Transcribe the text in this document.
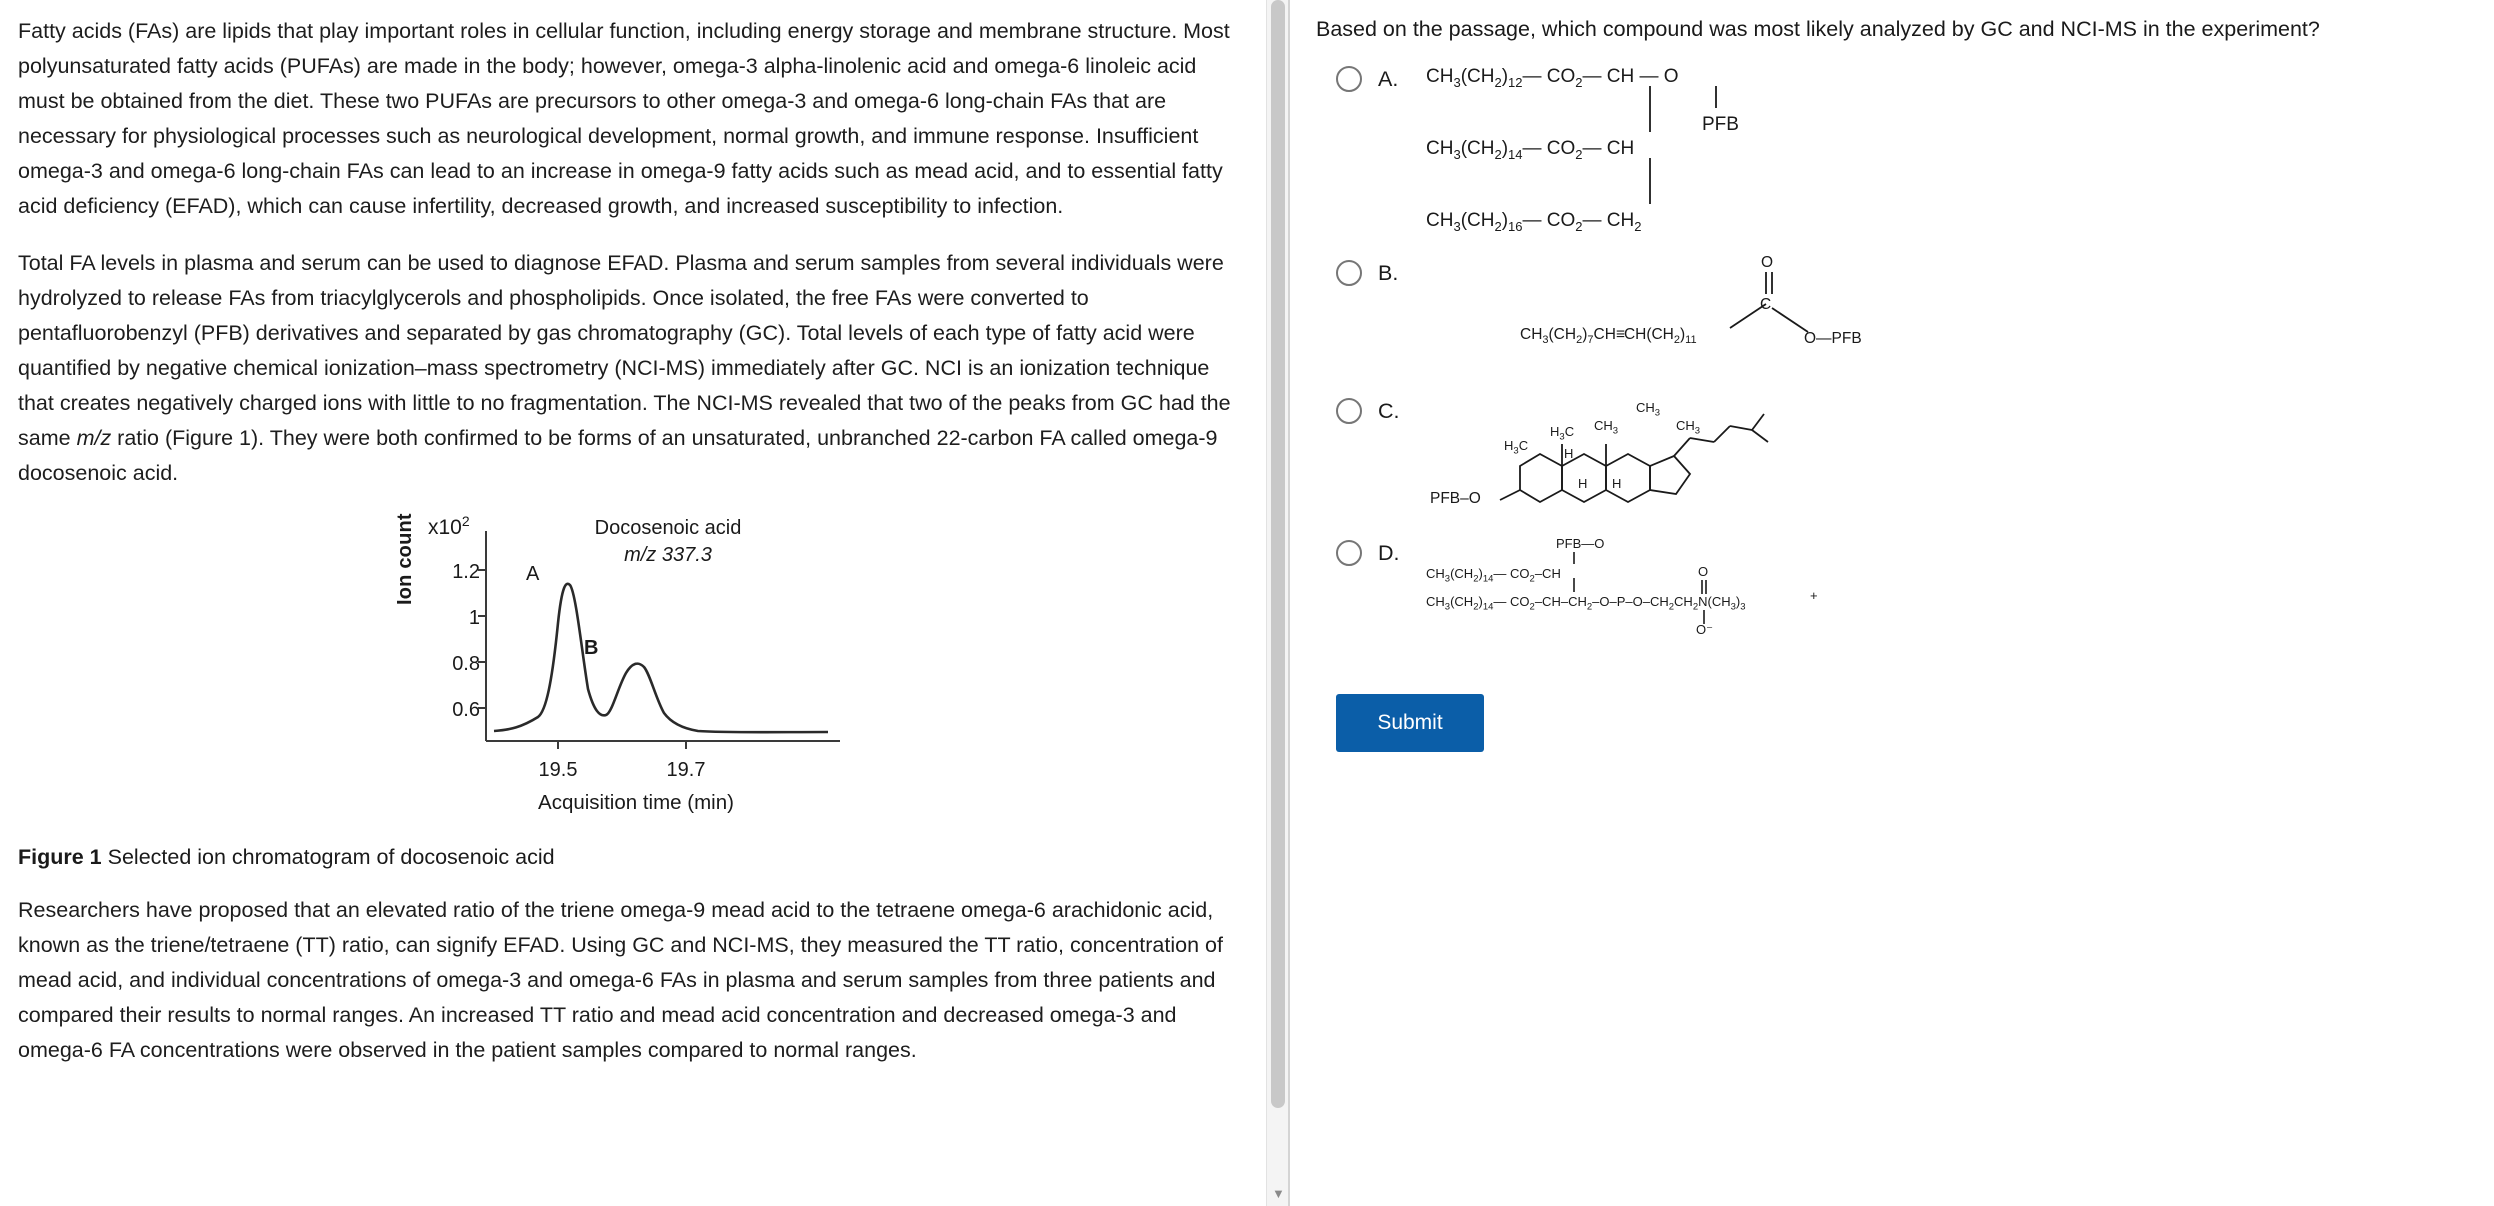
Fatty acids (FAs) are lipids that play important roles in cellular function, including energy storage and membrane structure. Most polyunsaturated fatty acids (PUFAs) are made in the body; however, omega-3 alpha-linolenic acid and omega-6 linoleic acid must be obtained from the diet. These two PUFAs are precursors to other omega-3 and omega-6 long-chain FAs that are necessary for physiological processes such as neurological development, normal growth, and immune response. Insufficient omega-3 and omega-6 long-chain FAs can lead to an increase in omega-9 fatty acids such as mead acid, and to essential fatty acid deficiency (EFAD), which can cause infertility, decreased growth, and increased susceptibility to infection.

Total FA levels in plasma and serum can be used to diagnose EFAD. Plasma and serum samples from several individuals were hydrolyzed to release FAs from triacylglycerols and phospholipids. Once isolated, the free FAs were converted to pentafluorobenzyl (PFB) derivatives and separated by gas chromatography (GC). Total levels of each type of fatty acid were quantified by negative chemical ionization–mass spectrometry (NCI-MS) immediately after GC. NCI is an ionization technique that creates negatively charged ions with little to no fragmentation. The NCI-MS revealed that two of the peaks from GC had the same m/z ratio (Figure 1). They were both confirmed to be forms of an unsaturated, unbranched 22-carbon FA called omega-9 docosenoic acid.

$x10^2$
Ion count	1.2
1
0.8
0.6
Docosenoic acid
m/z 337.3
A
B
19.5	19.7
Acquisition time (min)
Figure 1 Selected ion chromatogram of docosenoic acid

Researchers have proposed that an elevated ratio of the triene omega-9 mead acid to the tetraene omega-6 arachidonic acid, known as the triene/tetraene (TT) ratio, can signify EFAD. Using GC and NCI-MS, they measured the TT ratio, concentration of mead acid, and individual concentrations of omega-3 and omega-6 FAs in plasma and serum samples from three patients and compared their results to normal ranges. An increased TT ratio and mead acid concentration and decreased omega-3 and omega-6 FA concentrations were observed in the patient samples compared to normal ranges.

▼
Based on the passage, which compound was most likely analyzed by GC and NCI-MS in the experiment?
A.	$CH_3(CH_2)_{12}—$ $CO_2—$ CH — O
PFB
$CH_3(CH_2)_{14}—$ $CO_2—$ CH
$CH_3(CH_2)_{16}—$ $CO_2—$ $CH_2$
B.
$CH_3(CH_2)_7CH\equiv CH(CH_2)_{11}$
C
O
O—PFB
C.
$CH_3$
$CH_3$
$CH_3$
$H_3C$
$H_3C$
H
H H
PFB–O
D.	PFB—O
$CH_3(CH_2)_{14}—$ $CO_2-CH$
$CH_3(CH_2)_{14}—$ $CO_2-CH-CH_2-O-P-O-CH_2CH_2N(CH_3)_3$
O
O⁻
+
Submit
